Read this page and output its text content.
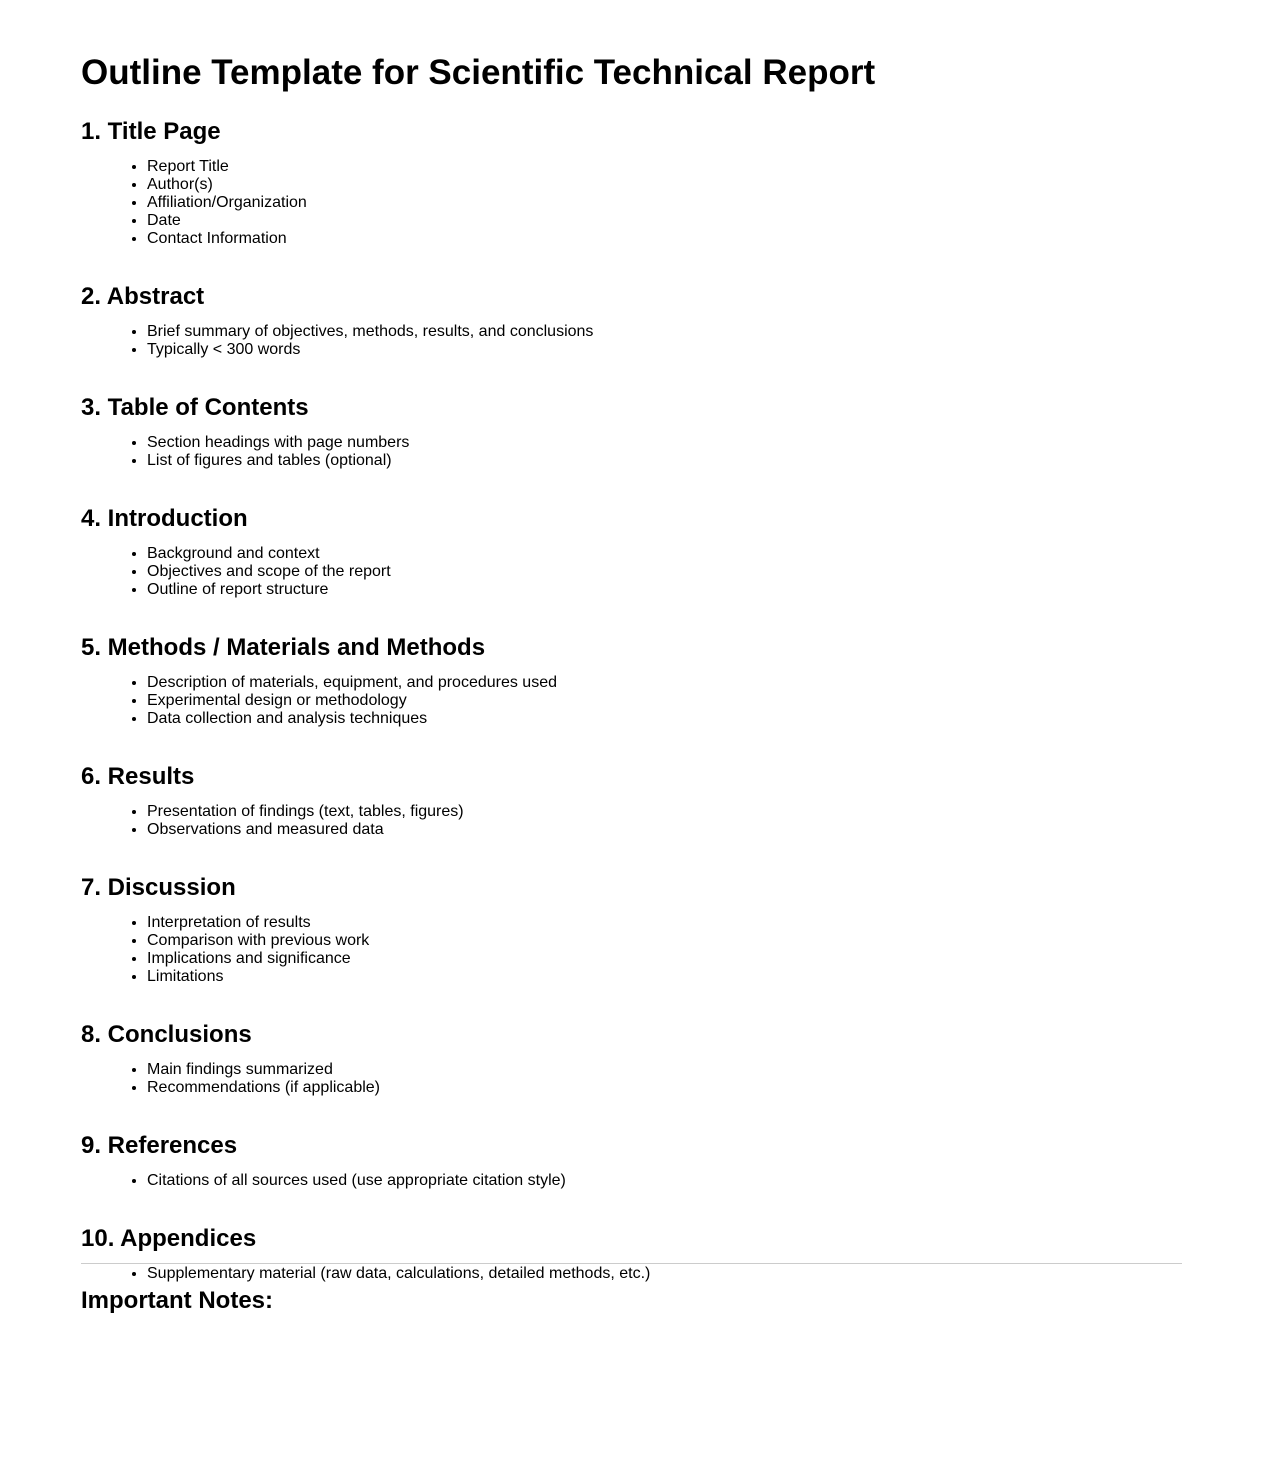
Outline Template for Scientific Technical Report
1. Title Page
• Report Title
• Author(s)
• Affiliation/Organization
• Date
• Contact Information
2. Abstract
• Brief summary of objectives, methods, results, and conclusions
• Typically < 300 words
3. Table of Contents
• Section headings with page numbers
• List of figures and tables (optional)
4. Introduction
• Background and context
• Objectives and scope of the report
• Outline of report structure
5. Methods / Materials and Methods
• Description of materials, equipment, and procedures used
• Experimental design or methodology
• Data collection and analysis techniques
6. Results
• Presentation of findings (text, tables, figures)
• Observations and measured data
7. Discussion
• Interpretation of results
• Comparison with previous work
• Implications and significance
• Limitations
8. Conclusions
• Main findings summarized
• Recommendations (if applicable)
9. References
• Citations of all sources used (use appropriate citation style)
10. Appendices
• Supplementary material (raw data, calculations, detailed methods, etc.)
Important Notes:
